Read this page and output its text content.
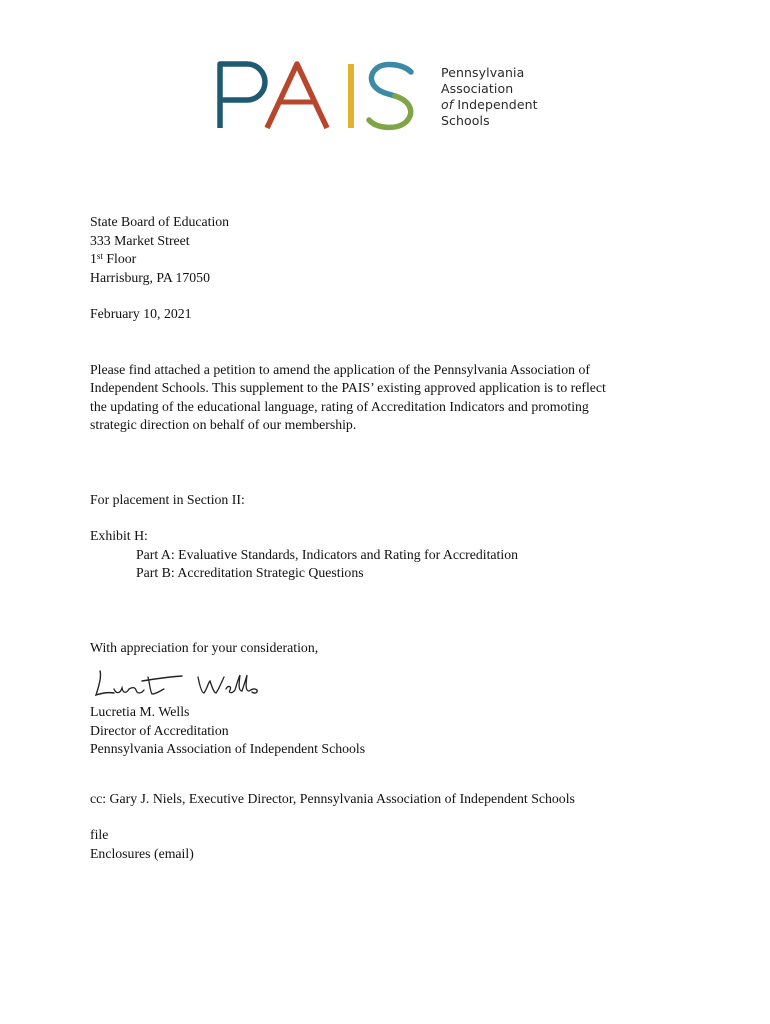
Pennsylvania
Association
of Independent
Schools
State Board of Education
333 Market Street
1st Floor
Harrisburg, PA 17050
February 10, 2021
Please find attached a petition to amend the application of the Pennsylvania Association of
Independent Schools. This supplement to the PAIS’ existing approved application is to reflect
the updating of the educational language, rating of Accreditation Indicators and promoting
strategic direction on behalf of our membership.
For placement in Section II:
Exhibit H:
Part A: Evaluative Standards, Indicators and Rating for Accreditation
Part B: Accreditation Strategic Questions
With appreciation for your consideration,
Lucretia M. Wells
Director of Accreditation
Pennsylvania Association of Independent Schools
cc: Gary J. Niels, Executive Director, Pennsylvania Association of Independent Schools
file
Enclosures (email)
